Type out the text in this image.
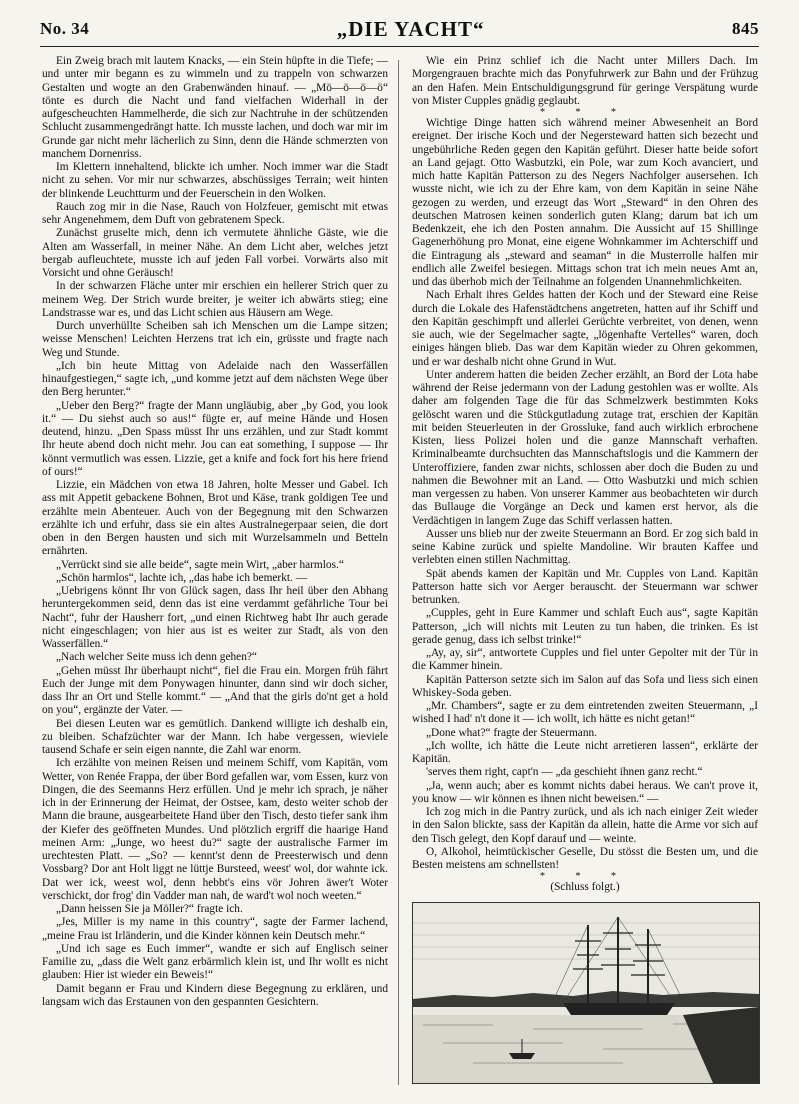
No. 34	„DIE YACHT“	845

Ein Zweig brach mit lautem Knacks, — ein Stein hüpfte in die Tiefe; — und unter mir begann es zu wimmeln und zu trappeln von schwarzen Gestalten und wogte an den Grabenwänden hinauf. — „Mö—ö—ö—ö“ tönte es durch die Nacht und fand vielfachen Widerhall in der aufgescheuchten Hammelherde, die sich zur Nachtruhe in der schützenden Schlucht zusammengedrängt hatte. Ich musste lachen, und doch war mir im Grunde gar nicht mehr lächerlich zu Sinn, denn die Hände schmerzten von manchem Dornenriss.

Im Klettern innehaltend, blickte ich umher. Noch immer war die Stadt nicht zu sehen. Vor mir nur schwarzes, abschüssiges Terrain; weit hinten der blinkende Leuchtturm und der Feuerschein in den Wolken.

Rauch zog mir in die Nase, Rauch von Holzfeuer, gemischt mit etwas sehr Angenehmem, dem Duft von gebratenem Speck.

Zunächst gruselte mich, denn ich vermutete ähnliche Gäste, wie die Alten am Wasserfall, in meiner Nähe. An dem Licht aber, welches jetzt bergab aufleuchtete, musste ich auf jeden Fall vorbei. Vorwärts also mit Vorsicht und ohne Geräusch!

In der schwarzen Fläche unter mir erschien ein hellerer Strich quer zu meinem Weg. Der Strich wurde breiter, je weiter ich abwärts stieg; eine Landstrasse war es, und das Licht schien aus Häusern am Wege.

Durch unverhüllte Scheiben sah ich Menschen um die Lampe sitzen; weisse Menschen! Leichten Herzens trat ich ein, grüsste und fragte nach Weg und Stunde.

„Ich bin heute Mittag von Adelaide nach den Wasserfällen hinaufgestiegen,“ sagte ich, „und komme jetzt auf dem nächsten Wege über den Berg herunter.“

„Ueber den Berg?“ fragte der Mann ungläubig, aber „by God, you look it.“ — Du siehst auch so aus!“ fügte er, auf meine Hände und Hosen deutend, hinzu. „Den Spass müsst Ihr uns erzählen, und zur Stadt kommt Ihr heute abend doch nicht mehr. Jou can eat something, I suppose — Ihr könnt vermutlich was essen. Lizzie, get a knife and fock fort his here friend of ours!“

Lizzie, ein Mädchen von etwa 18 Jahren, holte Messer und Gabel. Ich ass mit Appetit gebackene Bohnen, Brot und Käse, trank goldigen Tee und erzählte mein Abenteuer. Auch von der Begegnung mit den Schwarzen erzählte ich und erfuhr, dass sie ein altes Australnegerpaar seien, die dort oben in den Bergen hausten und sich mit Wurzelsammeln und Betteln ernährten.

„Verrückt sind sie alle beide“, sagte mein Wirt, „aber harmlos.“

„Schön harmlos“, lachte ich, „das habe ich bemerkt. —

„Uebrigens könnt Ihr von Glück sagen, dass Ihr heil über den Abhang heruntergekommen seid, denn das ist eine verdammt gefährliche Tour bei Nacht“, fuhr der Hausherr fort, „und einen Richtweg habt Ihr auch gerade nicht eingeschlagen; von hier aus ist es weiter zur Stadt, als von den Wasserfällen.“

„Nach welcher Seite muss ich denn gehen?“

„Gehen müsst Ihr überhaupt nicht“, fiel die Frau ein. Morgen früh fährt Euch der Junge mit dem Ponywagen hinunter, dann sind wir doch sicher, dass Ihr an Ort und Stelle kommt.“ — „And that the girls do'nt get a hold on you“, ergänzte der Vater. —

Bei diesen Leuten war es gemütlich. Dankend willigte ich deshalb ein, zu bleiben. Schafzüchter war der Mann. Ich habe vergessen, wieviele tausend Schafe er sein eigen nannte, die Zahl war enorm.

Ich erzählte von meinen Reisen und meinem Schiff, vom Kapitän, vom Wetter, von Renée Frappa, der über Bord gefallen war, vom Essen, kurz von Dingen, die des Seemanns Herz erfüllen. Und je mehr ich sprach, je näher ich in der Erinnerung der Heimat, der Ostsee, kam, desto weiter schob der Mann die braune, ausgearbeitete Hand über den Tisch, desto tiefer sank ihm der Kiefer des geöffneten Mundes. Und plötzlich ergriff die haarige Hand meinen Arm: „Junge, wo heest du?“ sagte der australische Farmer im urechtesten Platt. — „So? — kennt'st denn de Preesterwisch und denn Vossbarg? Dor ant Holt liggt ne lüttje Bursteed, weest' wol, dor wahnte ick. Dat wer ick, weest wol, denn hebbt's eins vör Johren äwer't Woter verschickt, dor frog' din Vadder man nah, de ward't wol noch weeten.“

„Dann heissen Sie ja Möller?“ fragte ich.

„Jes, Miller is my name in this country“, sagte der Farmer lachend, „meine Frau ist Irländerin, und die Kinder können kein Deutsch mehr.“

„Und ich sage es Euch immer“, wandte er sich auf Englisch seiner Familie zu, „dass die Welt ganz erbärmlich klein ist, und Ihr wollt es nicht glauben: Hier ist wieder ein Beweis!“

Damit begann er Frau und Kindern diese Begegnung zu erklären, und langsam wich das Erstaunen von den gespannten Gesichtern.

Wie ein Prinz schlief ich die Nacht unter Millers Dach. Im Morgengrauen brachte mich das Ponyfuhrwerk zur Bahn und der Frühzug an den Hafen. Mein Entschuldigungsgrund für geringe Verspätung wurde von Mister Cupples gnädig geglaubt.

* * *

Wichtige Dinge hatten sich während meiner Abwesenheit an Bord ereignet. Der irische Koch und der Negersteward hatten sich bezecht und ungebührliche Reden gegen den Kapitän geführt. Dieser hatte beide sofort an Land gejagt. Otto Wasbutzki, ein Pole, war zum Koch avanciert, und mich hatte Kapitän Patterson zu des Negers Nachfolger ausersehen. Ich wusste nicht, wie ich zu der Ehre kam, von dem Kapitän in seine Nähe gezogen zu werden, und erzeugt das Wort „Steward“ in den Ohren des deutschen Matrosen keinen sonderlich guten Klang; darum bat ich um Bedenkzeit, ehe ich den Posten annahm. Die Aussicht auf 15 Shillinge Gagenerhöhung pro Monat, eine eigene Wohnkammer im Achterschiff und die Eintragung als „steward and seaman“ in die Musterrolle halfen mir endlich alle Zweifel besiegen. Mittags schon trat ich mein neues Amt an, und das überhob mich der Teilnahme an folgenden Unannehmlichkeiten.

Nach Erhalt ihres Geldes hatten der Koch und der Steward eine Reise durch die Lokale des Hafenstädtchens angetreten, hatten auf ihr Schiff und den Kapitän geschimpft und allerlei Gerüchte verbreitet, von denen, wenn sie auch, wie der Segelmacher sagte, „lögenhafte Vertelles“ waren, doch einiges hängen blieb. Das war dem Kapitän wieder zu Ohren gekommen, und er war deshalb nicht ohne Grund in Wut.

Unter anderem hatten die beiden Zecher erzählt, an Bord der Lota habe während der Reise jedermann von der Ladung gestohlen was er wollte. Als daher am folgenden Tage die für das Schmelzwerk bestimmten Koks gelöscht waren und die Stückgutladung zutage trat, erschien der Kapitän mit beiden Steuerleuten in der Grossluke, fand auch wirklich erbrochene Kisten, liess Polizei holen und die ganze Mannschaft verhaften. Kriminalbeamte durchsuchten das Mannschaftslogis und die Kammern der Unteroffiziere, fanden zwar nichts, schlossen aber doch die Buden zu und nahmen die Bewohner mit an Land. — Otto Wasbutzki und mich schien man vergessen zu haben. Von unserer Kammer aus beobachteten wir durch das Bullauge die Vorgänge an Deck und kamen erst hervor, als die Verdächtigen in langem Zuge das Schiff verlassen hatten.

Ausser uns blieb nur der zweite Steuermann an Bord. Er zog sich bald in seine Kabine zurück und spielte Mandoline. Wir brauten Kaffee und verlebten einen stillen Nachmittag.

Spät abends kamen der Kapitän und Mr. Cupples von Land. Kapitän Patterson hatte sich vor Aerger berauscht. der Steuermann war schwer betrunken.

„Cupples, geht in Eure Kammer und schlaft Euch aus“, sagte Kapitän Patterson, „ich will nichts mit Leuten zu tun haben, die trinken. Es ist gerade genug, dass ich selbst trinke!“

„Ay, ay, sir“, antwortete Cupples und fiel unter Gepolter mit der Tür in die Kammer hinein.

Kapitän Patterson setzte sich im Salon auf das Sofa und liess sich einen Whiskey-Soda geben.

„Mr. Chambers“, sagte er zu dem eintretenden zweiten Steuermann, „I wished I had' n't done it — ich wollt, ich hätte es nicht getan!“

„Done what?“ fragte der Steuermann.

„Ich wollte, ich hätte die Leute nicht arretieren lassen“, erklärte der Kapitän.

'serves them right, capt'n — „da geschieht ihnen ganz recht.“

„Ja, wenn auch; aber es kommt nichts dabei heraus. We can't prove it, you know — wir können es ihnen nicht beweisen.“ —

Ich zog mich in die Pantry zurück, und als ich nach einiger Zeit wieder in den Salon blickte, sass der Kapitän da allein, hatte die Arme vor sich auf den Tisch gelegt, den Kopf darauf und — weinte.

O, Alkohol, heimtückischer Geselle, Du stösst die Besten um, und die Besten meistens am schnellsten!

* * *

(Schluss folgt.)
